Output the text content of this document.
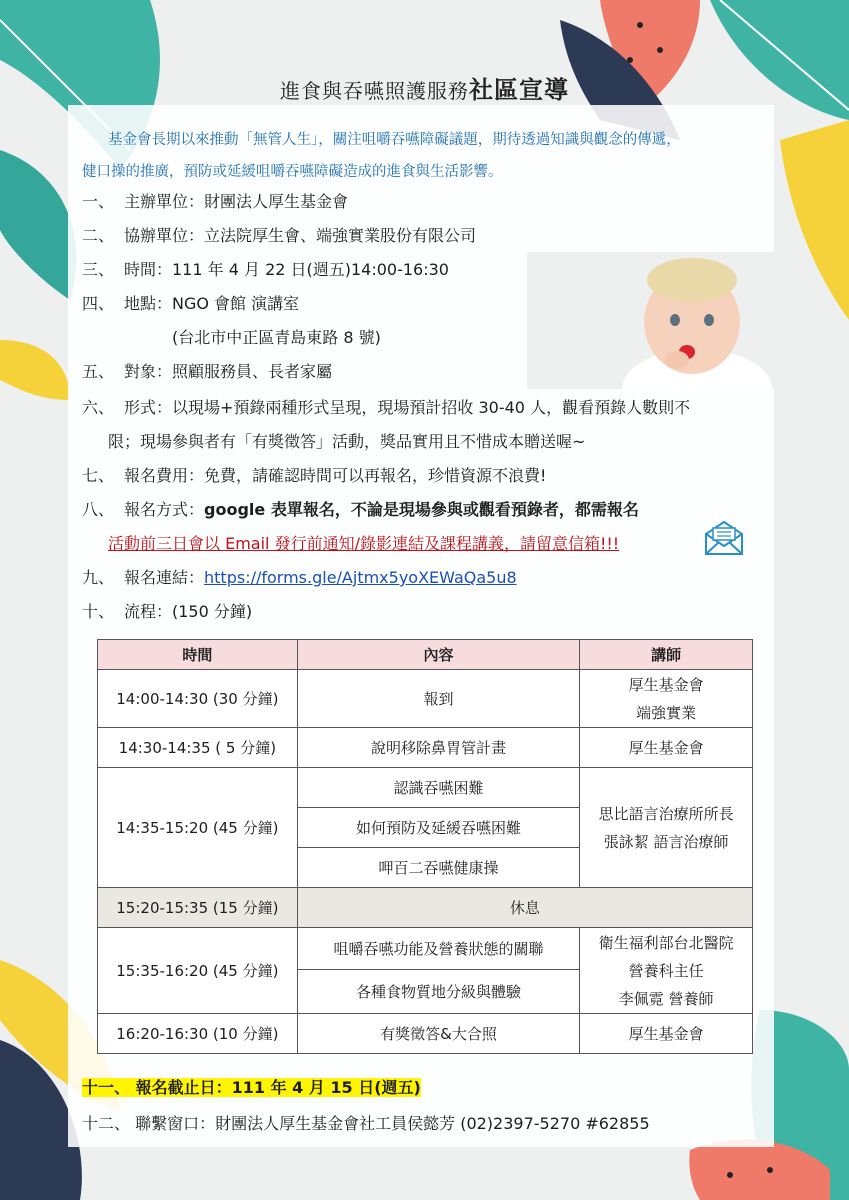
進食與吞嚥照護服務社區宣導
基金會長期以來推動「無管人生」，關注咀嚼吞嚥障礙議題，期待透過知識與觀念的傳遞，
健口操的推廣，預防或延緩咀嚼吞嚥障礙造成的進食與生活影響。
一、 主辦單位：財團法人厚生基金會
二、 協辦單位：立法院厚生會、端強實業股份有限公司
三、 時間：111 年 4 月 22 日(週五)14:00-16:30
四、 地點：NGO 會館 演講室
(台北市中正區青島東路 8 號)
五、 對象：照顧服務員、長者家屬
六、 形式：以現場+預錄兩種形式呈現，現場預計招收 30-40 人，觀看預錄人數則不
限；現場參與者有「有獎徵答」活動，獎品實用且不惜成本贈送喔~
七、 報名費用：免費，請確認時間可以再報名，珍惜資源不浪費!
八、 報名方式：google 表單報名，不論是現場參與或觀看預錄者，都需報名
活動前三日會以 Email 發行前通知/錄影連結及課程講義，請留意信箱!!!
九、 報名連結：https://forms.gle/Ajtmx5yoXEWaQa5u8
十、 流程：(150 分鐘)
時間	內容	講師
14:00-14:30 (30 分鐘)	報到	厚生基金會
端強實業

14:30-14:35 ( 5 分鐘)	說明移除鼻胃管計畫	厚生基金會
14:35-15:20 (45 分鐘)	認識吞嚥困難	思比語言治療所所長
張詠絜 語言治療師

	如何預防及延緩吞嚥困難	
	呷百二吞嚥健康操	
15:20-15:35 (15 分鐘)	休息	
15:35-16:20 (45 分鐘)	咀嚼吞嚥功能及營養狀態的關聯	衛生福利部台北醫院
營養科主任
李佩霓 營養師

	各種食物質地分級與體驗	
16:20-16:30 (10 分鐘)	有獎徵答&大合照	厚生基金會
十一、 報名截止日：111 年 4 月 15 日(週五)
十二、 聯繫窗口：財團法人厚生基金會社工員侯懿芳 (02)2397-5270 #62855
